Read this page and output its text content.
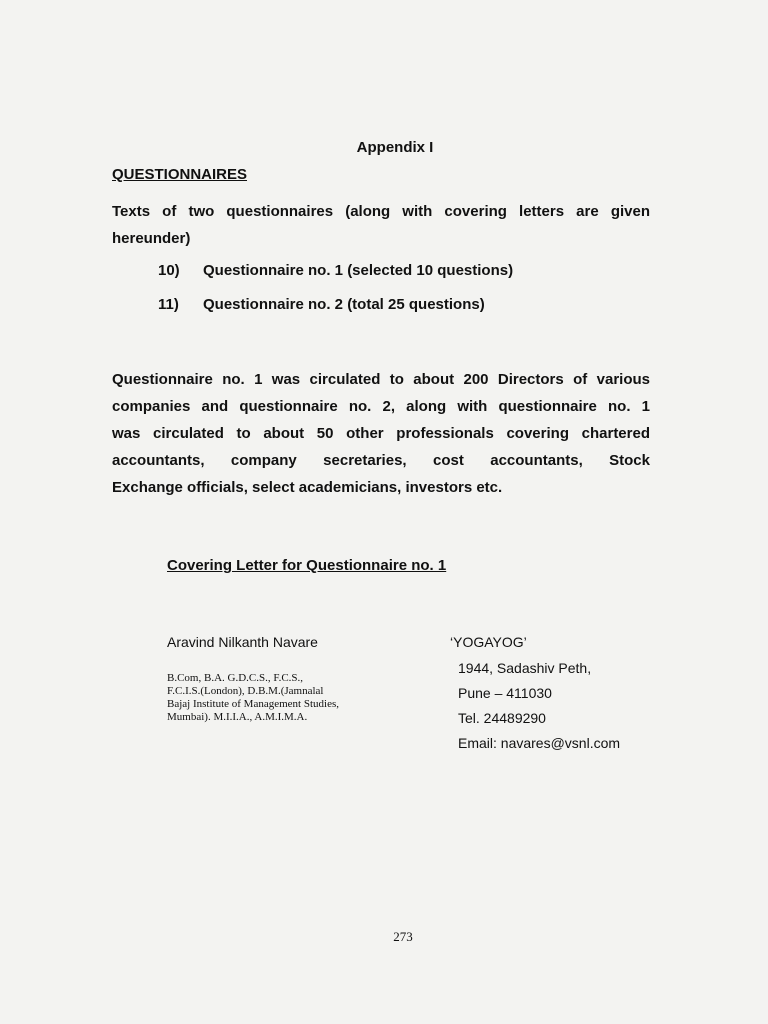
Appendix I
QUESTIONNAIRES

Texts of two questionnaires (along with covering letters are given hereunder)

10) Questionnaire no. 1 (selected 10 questions)
11) Questionnaire no. 2 (total 25 questions)
Questionnaire no. 1 was circulated to about 200 Directors of various
companies and questionnaire no. 2, along with questionnaire no. 1
was circulated to about 50 other professionals covering chartered
accountants, company secretaries, cost accountants, Stock
Exchange officials, select academicians, investors etc.
Covering Letter for Questionnaire no. 1
Aravind Nilkanth Navare
B.Com, B.A. G.D.C.S., F.C.S.,
F.C.I.S.(London), D.B.M.(Jamnalal
Bajaj Institute of Management Studies,
Mumbai). M.I.I.A., A.M.I.M.A.
‘YOGAYOG’
1944, Sadashiv Peth,
Pune – 411030
Tel. 24489290
Email: navares@vsnl.com
273
